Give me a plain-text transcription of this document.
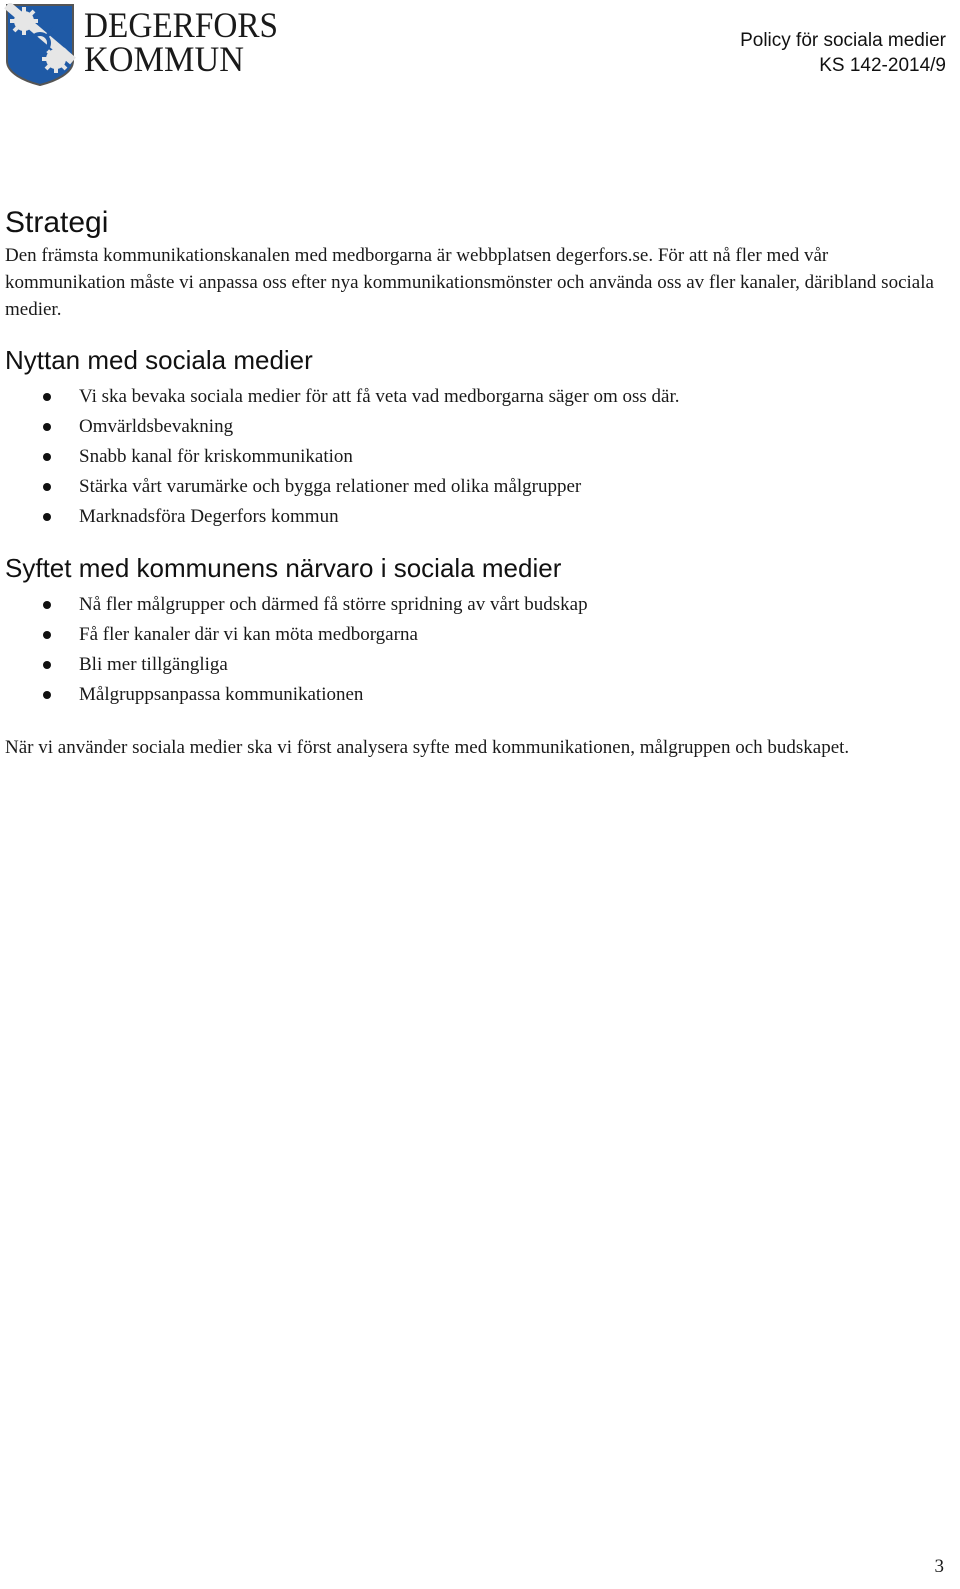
DEGERFORS
KOMMUN	Policy för sociala medier
KS 142-2014/9
Strategi

Den främsta kommunikationskanalen med medborgarna är webbplatsen degerfors.se. För att nå fler med vår kommunikation måste vi anpassa oss efter nya kommunikationsmönster och använda oss av fler kanaler, däribland sociala medier.

Nyttan med sociala medier
Vi ska bevaka sociala medier för att få veta vad medborgarna säger om oss där.
Omvärldsbevakning
Snabb kanal för kriskommunikation
Stärka vårt varumärke och bygga relationer med olika målgrupper
Marknadsföra Degerfors kommun
Syftet med kommunens närvaro i sociala medier
Nå fler målgrupper och därmed få större spridning av vårt budskap
Få fler kanaler där vi kan möta medborgarna
Bli mer tillgängliga
Målgruppsanpassa kommunikationen

När vi använder sociala medier ska vi först analysera syfte med kommunikationen, målgruppen och budskapet.

3
